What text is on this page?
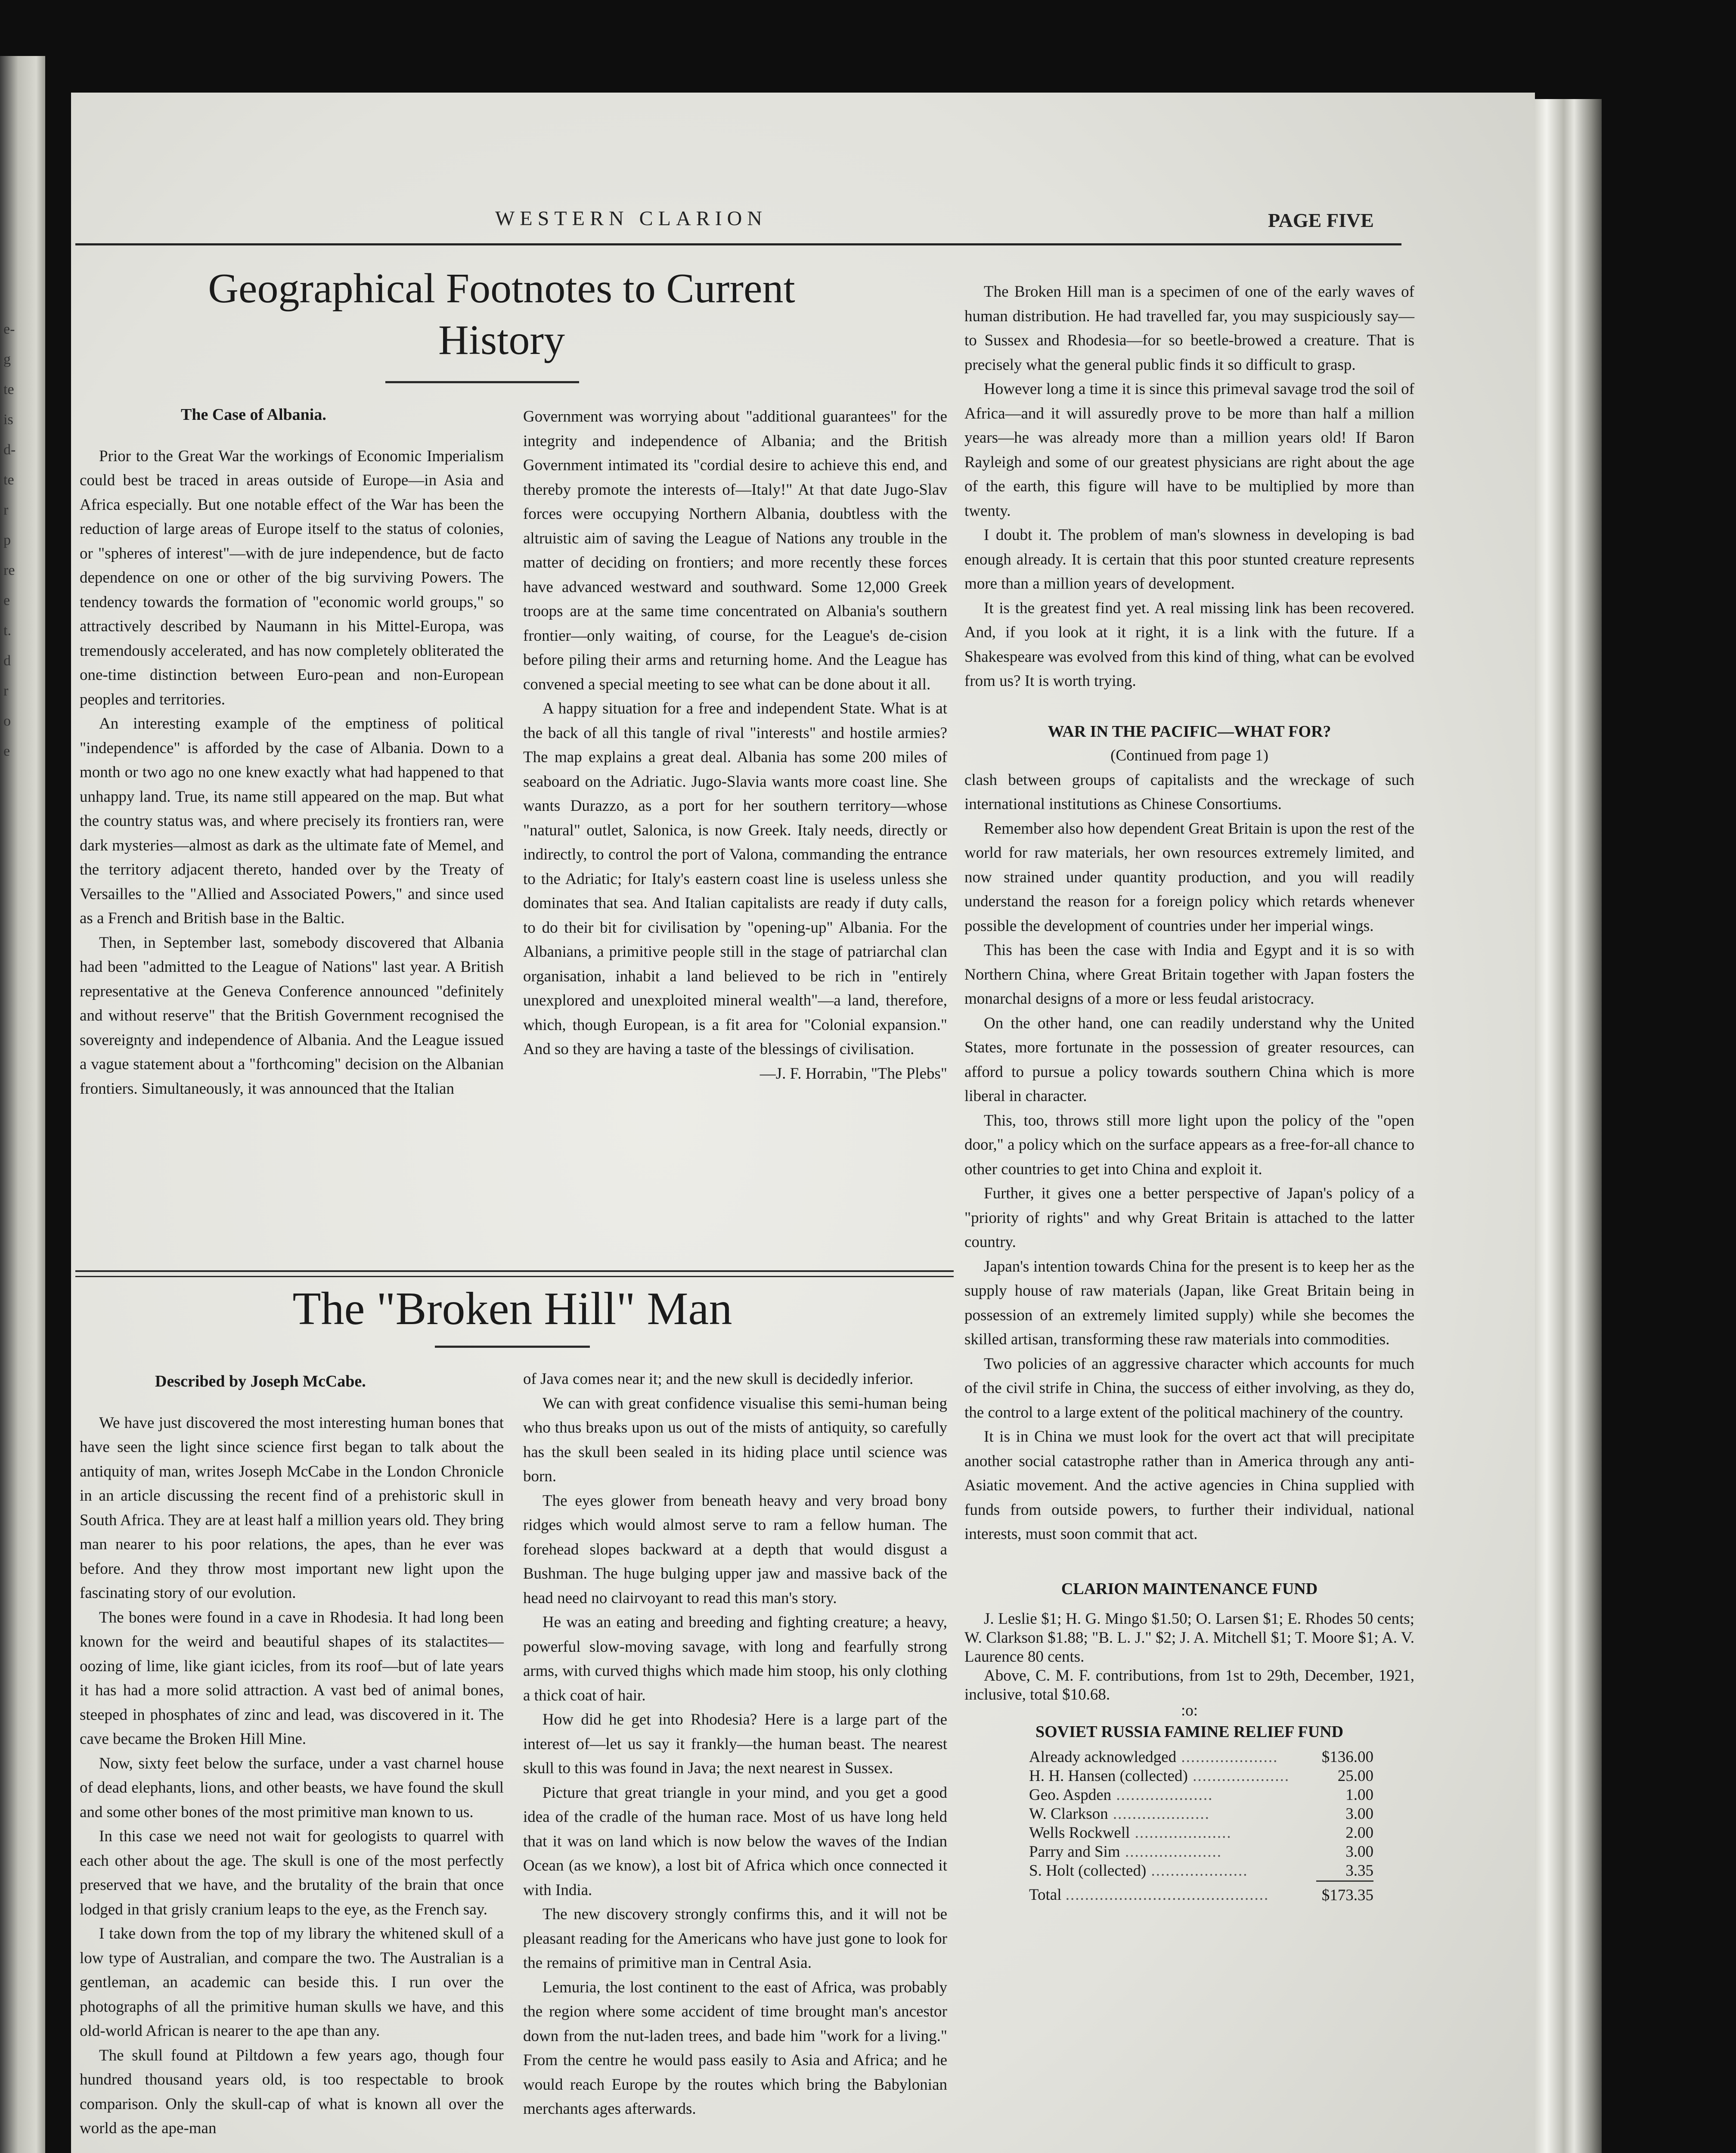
e-
g
te
is
d-
te
r
p
re
e
t.
d
r
o
e
WESTERN CLARION	PAGE FIVE
Geographical Footnotes to Current
History
The Case of Albania.

Prior to the Great War the workings of Economic Imperialism could best be traced in areas outside of Europe—in Asia and Africa especially. But one notable effect of the War has been the reduction of large areas of Europe itself to the status of colonies, or "spheres of interest"—with de jure independence, but de facto dependence on one or other of the big surviving Powers. The tendency towards the formation of "economic world groups," so attractively described by Naumann in his Mittel-Europa, was tremendously accelerated, and has now completely obliterated the one-time distinction between Euro-pean and non-European peoples and territories.

An interesting example of the emptiness of political "independence" is afforded by the case of Albania. Down to a month or two ago no one knew exactly what had happened to that unhappy land. True, its name still appeared on the map. But what the country status was, and where precisely its frontiers ran, were dark mysteries—almost as dark as the ultimate fate of Memel, and the territory adjacent thereto, handed over by the Treaty of Versailles to the "Allied and Associated Powers," and since used as a French and British base in the Baltic.

Then, in September last, somebody discovered that Albania had been "admitted to the League of Nations" last year. A British representative at the Geneva Conference announced "definitely and without reserve" that the British Government recognised the sovereignty and independence of Albania. And the League issued a vague statement about a "forthcoming" decision on the Albanian frontiers. Simultaneously, it was announced that the Italian

Government was worrying about "additional guarantees" for the integrity and independence of Albania; and the British Government intimated its "cordial desire to achieve this end, and thereby promote the interests of—Italy!" At that date Jugo-Slav forces were occupying Northern Albania, doubtless with the altruistic aim of saving the League of Nations any trouble in the matter of deciding on frontiers; and more recently these forces have advanced westward and southward. Some 12,000 Greek troops are at the same time concentrated on Albania's southern frontier—only waiting, of course, for the League's de-cision before piling their arms and returning home. And the League has convened a special meeting to see what can be done about it all.

A happy situation for a free and independent State. What is at the back of all this tangle of rival "interests" and hostile armies? The map explains a great deal. Albania has some 200 miles of seaboard on the Adriatic. Jugo-Slavia wants more coast line. She wants Durazzo, as a port for her southern territory—whose "natural" outlet, Salonica, is now Greek. Italy needs, directly or indirectly, to control the port of Valona, commanding the entrance to the Adriatic; for Italy's eastern coast line is useless unless she dominates that sea. And Italian capitalists are ready if duty calls, to do their bit for civilisation by "opening-up" Albania. For the Albanians, a primitive people still in the stage of patriarchal clan organisation, inhabit a land believed to be rich in "entirely unexplored and unexploited mineral wealth"—a land, therefore, which, though European, is a fit area for "Colonial expansion." And so they are having a taste of the blessings of civilisation.

—J. F. Horrabin, "The Plebs"
The "Broken Hill" Man
Described by Joseph McCabe.

We have just discovered the most interesting human bones that have seen the light since science first began to talk about the antiquity of man, writes Joseph McCabe in the London Chronicle in an article discussing the recent find of a prehistoric skull in South Africa. They are at least half a million years old. They bring man nearer to his poor relations, the apes, than he ever was before. And they throw most important new light upon the fascinating story of our evolution.

The bones were found in a cave in Rhodesia. It had long been known for the weird and beautiful shapes of its stalactites—oozing of lime, like giant icicles, from its roof—but of late years it has had a more solid attraction. A vast bed of animal bones, steeped in phosphates of zinc and lead, was discovered in it. The cave became the Broken Hill Mine.

Now, sixty feet below the surface, under a vast charnel house of dead elephants, lions, and other beasts, we have found the skull and some other bones of the most primitive man known to us.

In this case we need not wait for geologists to quarrel with each other about the age. The skull is one of the most perfectly preserved that we have, and the brutality of the brain that once lodged in that grisly cranium leaps to the eye, as the French say.

I take down from the top of my library the whitened skull of a low type of Australian, and compare the two. The Australian is a gentleman, an academic can beside this. I run over the photographs of all the primitive human skulls we have, and this old-world African is nearer to the ape than any.

The skull found at Piltdown a few years ago, though four hundred thousand years old, is too respectable to brook comparison. Only the skull-cap of what is known all over the world as the ape-man

of Java comes near it; and the new skull is decidedly inferior.

We can with great confidence visualise this semi-human being who thus breaks upon us out of the mists of antiquity, so carefully has the skull been sealed in its hiding place until science was born.

The eyes glower from beneath heavy and very broad bony ridges which would almost serve to ram a fellow human. The forehead slopes backward at a depth that would disgust a Bushman. The huge bulging upper jaw and massive back of the head need no clairvoyant to read this man's story.

He was an eating and breeding and fighting creature; a heavy, powerful slow-moving savage, with long and fearfully strong arms, with curved thighs which made him stoop, his only clothing a thick coat of hair.

How did he get into Rhodesia? Here is a large part of the interest of—let us say it frankly—the human beast. The nearest skull to this was found in Java; the next nearest in Sussex.

Picture that great triangle in your mind, and you get a good idea of the cradle of the human race. Most of us have long held that it was on land which is now below the waves of the Indian Ocean (as we know), a lost bit of Africa which once connected it with India.

The new discovery strongly confirms this, and it will not be pleasant reading for the Americans who have just gone to look for the remains of primitive man in Central Asia.

Lemuria, the lost continent to the east of Africa, was probably the region where some accident of time brought man's ancestor down from the nut-laden trees, and bade him "work for a living." From the centre he would pass easily to Asia and Africa; and he would reach Europe by the routes which bring the Babylonian merchants ages afterwards.

The Broken Hill man is a specimen of one of the early waves of human distribution. He had travelled far, you may suspiciously say—to Sussex and Rhodesia—for so beetle-browed a creature. That is precisely what the general public finds it so difficult to grasp.

However long a time it is since this primeval savage trod the soil of Africa—and it will assuredly prove to be more than half a million years—he was already more than a million years old! If Baron Rayleigh and some of our greatest physicians are right about the age of the earth, this figure will have to be multiplied by more than twenty.

I doubt it. The problem of man's slowness in developing is bad enough already. It is certain that this poor stunted creature represents more than a million years of development.

It is the greatest find yet. A real missing link has been recovered. And, if you look at it right, it is a link with the future. If a Shakespeare was evolved from this kind of thing, what can be evolved from us? It is worth trying.

WAR IN THE PACIFIC—WHAT FOR?

(Continued from page 1)

clash between groups of capitalists and the wreckage of such international institutions as Chinese Consortiums.

Remember also how dependent Great Britain is upon the rest of the world for raw materials, her own resources extremely limited, and now strained under quantity production, and you will readily understand the reason for a foreign policy which retards whenever possible the development of countries under her imperial wings.

This has been the case with India and Egypt and it is so with Northern China, where Great Britain together with Japan fosters the monarchal designs of a more or less feudal aristocracy.

On the other hand, one can readily understand why the United States, more fortunate in the possession of greater resources, can afford to pursue a policy towards southern China which is more liberal in character.

This, too, throws still more light upon the policy of the "open door," a policy which on the surface appears as a free-for-all chance to other countries to get into China and exploit it.

Further, it gives one a better perspective of Japan's policy of a "priority of rights" and why Great Britain is attached to the latter country.

Japan's intention towards China for the present is to keep her as the supply house of raw materials (Japan, like Great Britain being in possession of an extremely limited supply) while she becomes the skilled artisan, transforming these raw materials into commodities.

Two policies of an aggressive character which accounts for much of the civil strife in China, the success of either involving, as they do, the control to a large extent of the political machinery of the country.

It is in China we must look for the overt act that will precipitate another social catastrophe rather than in America through any anti-Asiatic movement. And the active agencies in China supplied with funds from outside powers, to further their individual, national interests, must soon commit that act.

CLARION MAINTENANCE FUND

J. Leslie $1; H. G. Mingo $1.50; O. Larsen $1; E. Rhodes 50 cents; W. Clarkson $1.88; "B. L. J." $2; J. A. Mitchell $1; T. Moore $1; A. V. Laurence 80 cents.

Above, C. M. F. contributions, from 1st to 29th, December, 1921, inclusive, total $10.68.

:o:

SOVIET RUSSIA FAMINE RELIEF FUND

Already acknowledged ....................	$136.00
H. H. Hansen (collected) ....................	25.00
Geo. Aspden ....................	1.00
W. Clarkson ....................	3.00
Wells Rockwell ....................	2.00
Parry and Sim ....................	3.00
S. Holt (collected) ....................	3.35
Total ..........................................	$173.35
